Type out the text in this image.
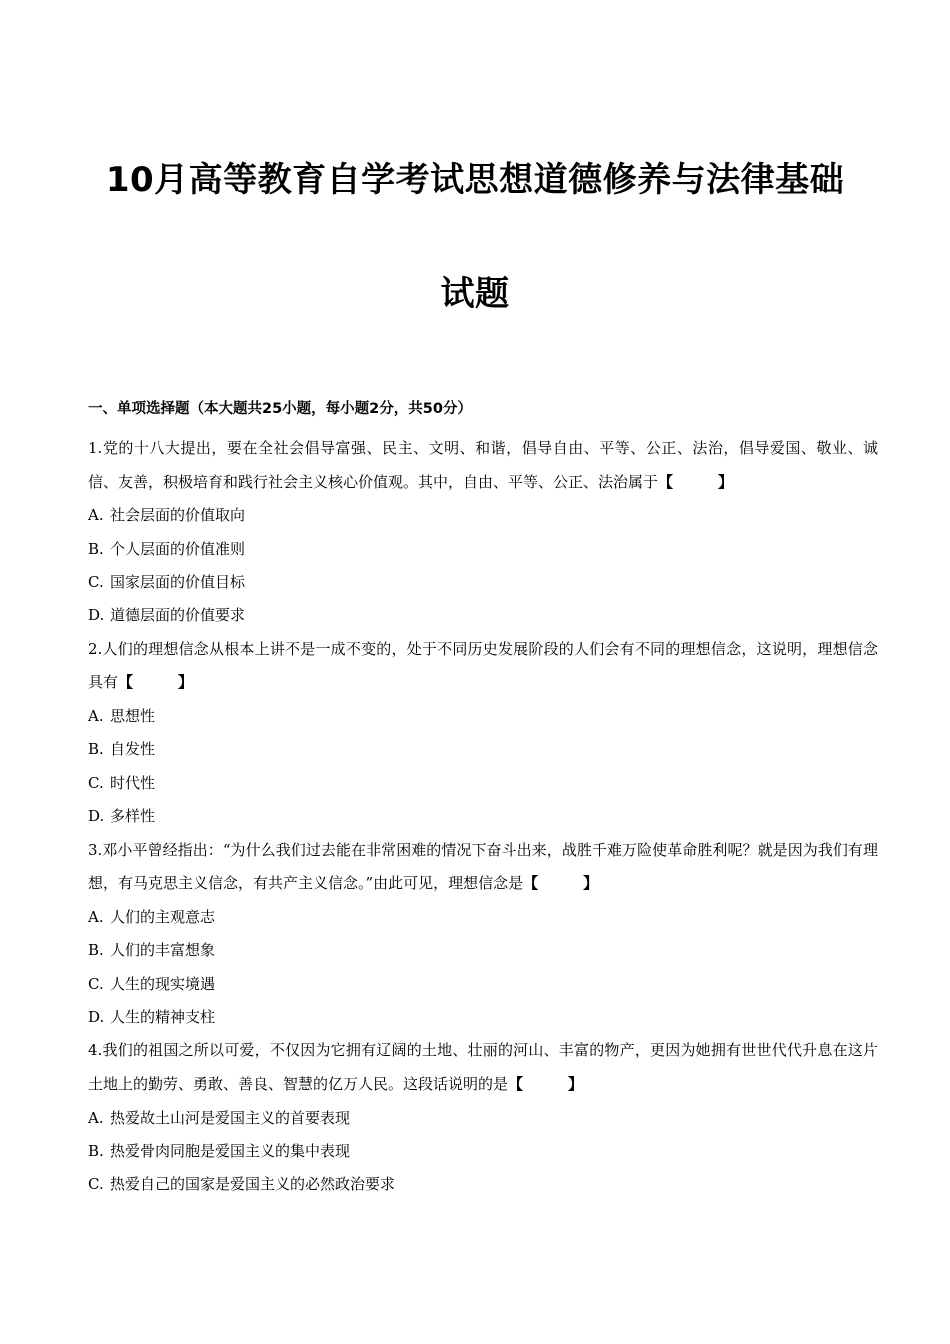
10月高等教育自学考试思想道德修养与法律基础
试题
一、单项选择题（本大题共25小题，每小题2分，共50分）
1.党的十八大提出，要在全社会倡导富强、民主、文明、和谐，倡导自由、平等、公正、法治，倡导爱国、敬业、诚信、友善，积极培育和践行社会主义核心价值观。其中，自由、平等、公正、法治属于【　　　】
A. 社会层面的价值取向
B. 个人层面的价值准则
C. 国家层面的价值目标
D. 道德层面的价值要求
2.人们的理想信念从根本上讲不是一成不变的，处于不同历史发展阶段的人们会有不同的理想信念，这说明，理想信念具有【　　　】
A. 思想性
B. 自发性
C. 时代性
D. 多样性
3.邓小平曾经指出：“为什么我们过去能在非常困难的情况下奋斗出来，战胜千难万险使革命胜利呢？就是因为我们有理想，有马克思主义信念，有共产主义信念。”由此可见，理想信念是【　　　】
A. 人们的主观意志
B. 人们的丰富想象
C. 人生的现实境遇
D. 人生的精神支柱
4.我们的祖国之所以可爱，不仅因为它拥有辽阔的土地、壮丽的河山、丰富的物产，更因为她拥有世世代代升息在这片土地上的勤劳、勇敢、善良、智慧的亿万人民。这段话说明的是【　　　】
A. 热爱故土山河是爱国主义的首要表现
B. 热爱骨肉同胞是爱国主义的集中表现
C. 热爱自己的国家是爱国主义的必然政治要求
